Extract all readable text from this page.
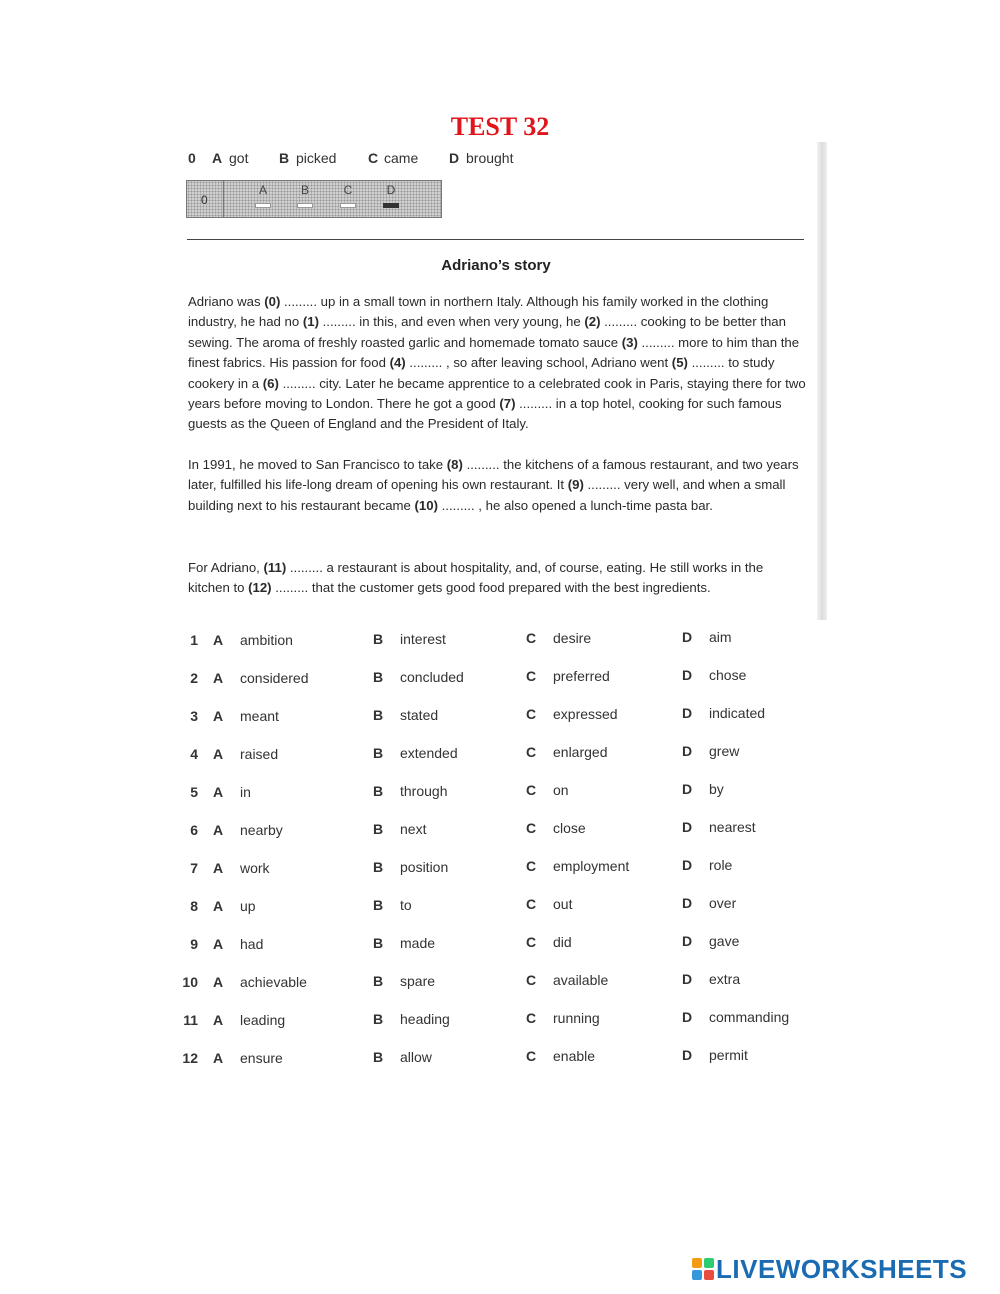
TEST 32
0 A got B picked C came D brought
0
A	B	C	D
Adriano’s story
Adriano was (0) ......... up in a small town in northern Italy. Although his family worked in the clothing industry, he had no (1) ......... in this, and even when very young, he (2) ......... cooking to be better than sewing. The aroma of freshly roasted garlic and homemade tomato sauce (3) ......... more to him than the finest fabrics. His passion for food (4) ......... , so after leaving school, Adriano went (5) ......... to study cookery in a (6) ......... city. Later he became apprentice to a celebrated cook in Paris, staying there for two years before moving to London. There he got a good (7) ......... in a top hotel, cooking for such famous guests as the Queen of England and the President of Italy.
In 1991, he moved to San Francisco to take (8) ......... the kitchens of a famous restaurant, and two years later, fulfilled his life-long dream of opening his own restaurant. It (9) ......... very well, and when a small building next to his restaurant became (10) ......... , he also opened a lunch-time pasta bar.
For Adriano, (11) ......... a restaurant is about hospitality, and, of course, eating. He still works in the kitchen to (12) ......... that the customer gets good food prepared with the best ingredients.
1 A ambition	B interest	C desire	D aim
2 A considered	B concluded	C preferred	D chose
3 A meant	B stated	C expressed	D indicated
4 A raised	B extended	C enlarged	D grew
5 A in	B through	C on	D by
6 A nearby	B next	C close	D nearest
7 A work	B position	C employment	D role
8 A up	B to	C out	D over
9 A had	B made	C did	D gave
10 A achievable	B spare	C available	D extra
11 A leading	B heading	C running	D commanding
12 A ensure	B allow	C enable	D permit
LIVEWORKSHEETS
